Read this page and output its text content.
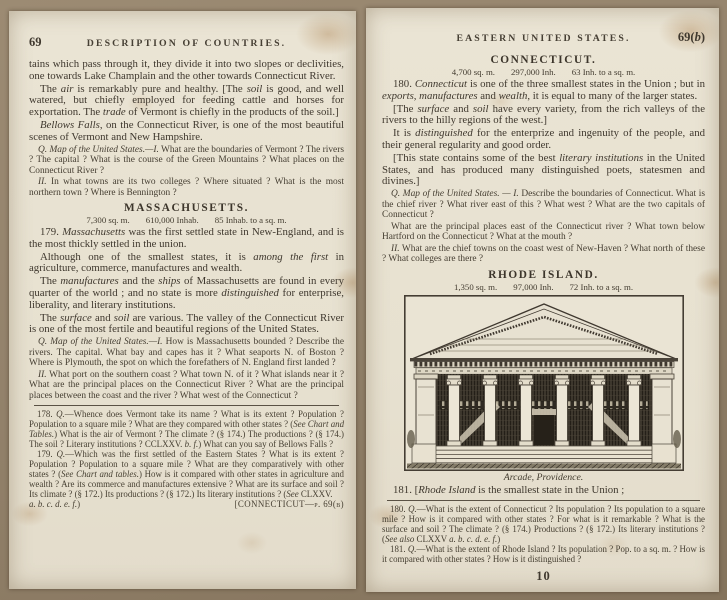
69	DESCRIPTION OF COUNTRIES.

tains which pass through it, they divide it into two slopes or declivities, one towards Lake Champlain and the other towards Connecticut River.

The air is remarkably pure and healthy. [The soil is good, and well watered, but chiefly employed for feeding cattle and horses for exportation. The trade of Vermont is chiefly in the products of the soil.]

Bellows Falls, on the Connecticut River, is one of the most beautiful scenes of Vermont and New Hampshire.

Q. Map of the United States.—I. What are the boundaries of Vermont ? The rivers ? The capital ? What is the course of the Green Mountains ? What places on the Connecticut River ?

II. In what towns are its two colleges ? Where situated ? What is the most northern town ? Where is Bennington ?

MASSACHUSETTS.
7,300 sq. m. 610,000 Inhab. 85 Inhab. to a sq. m.

179. Massachusetts was the first settled state in New-England, and is the most thickly settled in the union.

Although one of the smallest states, it is among the first in agriculture, commerce, manufactures and wealth.

The manufactures and the ships of Massachusetts are found in every quarter of the world ; and no state is more distinguished for enterprise, liberality, and literary institutions.

The surface and soil are various. The valley of the Connecticut River is one of the most fertile and beautiful regions of the United States.

Q. Map of the United States.—I. How is Massachusetts bounded ? Describe the rivers. The capital. What bay and capes has it ? What seaports N. of Boston ? Where is Plymouth, the spot on which the forefathers of N. England first landed ?

II. What port on the southern coast ? What town N. of it ? What islands near it ? What are the principal places on the Connecticut River ? What are the principal places between the coast and the river ? What west of the Connecticut ?

178. Q.—Whence does Vermont take its name ? What is its extent ? Population ? Population to a square mile ? What are they compared with other states ? (See Chart and Tables.) What is the air of Vermont ? The climate ? (§ 174.) The productions ? (§ 174.) The soil ? Literary institutions ? CCLXXV. b. f.) What can you say of Bellows Falls ?

179. Q.—Which was the first settled of the Eastern States ? What is its extent ? Population ? Population to a square mile ? What are they comparatively with other states ? (See Chart and tables.) How is it compared with other states in agriculture and wealth ? Are its commerce and manufactures extensive ? What are its surface and soil ? Its climate ? (§ 172.) Its productions ? (§ 172.) Its literary institutions ? (See CLXXV.

a. b. c. d. e. f.)	[CONNECTICUT—p. 69(b)
EASTERN UNITED STATES.	69(b)
CONNECTICUT.
4,700 sq. m. 297,000 Inh. 63 Inh. to a sq. m.

180. Connecticut is one of the three smallest states in the Union ; but in exports, manufactures and wealth, it is equal to many of the larger states.

[The surface and soil have every variety, from the rich valleys of the rivers to the hilly regions of the west.]

It is distinguished for the enterprize and ingenuity of the people, and their general regularity and good order.

[This state contains some of the best literary institutions in the United States, and has produced many distinguished poets, statesmen and divines.]

Q. Map of the United States. — I. Describe the boundaries of Connecticut. What is the chief river ? What river east of this ? What west ? What are the two capitals of Connecticut ?

What are the principal places east of the Connecticut river ? What town below Hartford on the Connecticut ? What at the mouth ?

II. What are the chief towns on the coast west of New-Haven ? What north of these ? What colleges are there ?

RHODE ISLAND.
1,350 sq. m. 97,000 Inh. 72 Inh. to a sq. m.
Arcade, Providence.

181. [Rhode Island is the smallest state in the Union ;

180. Q.—What is the extent of Connecticut ? Its population ? Its population to a square mile ? How is it compared with other states ? For what is it remarkable ? What is the surface and soil ? The climate ? (§ 174.) Productions ? (§ 172.) Its literary institutions ? (See also CLXXV a. b. c. d. e. f.)

181. Q.—What is the extent of Rhode Island ? Its population ? Pop. to a sq. m. ? How is it compared with other states ? How is it distinguished ?

10
